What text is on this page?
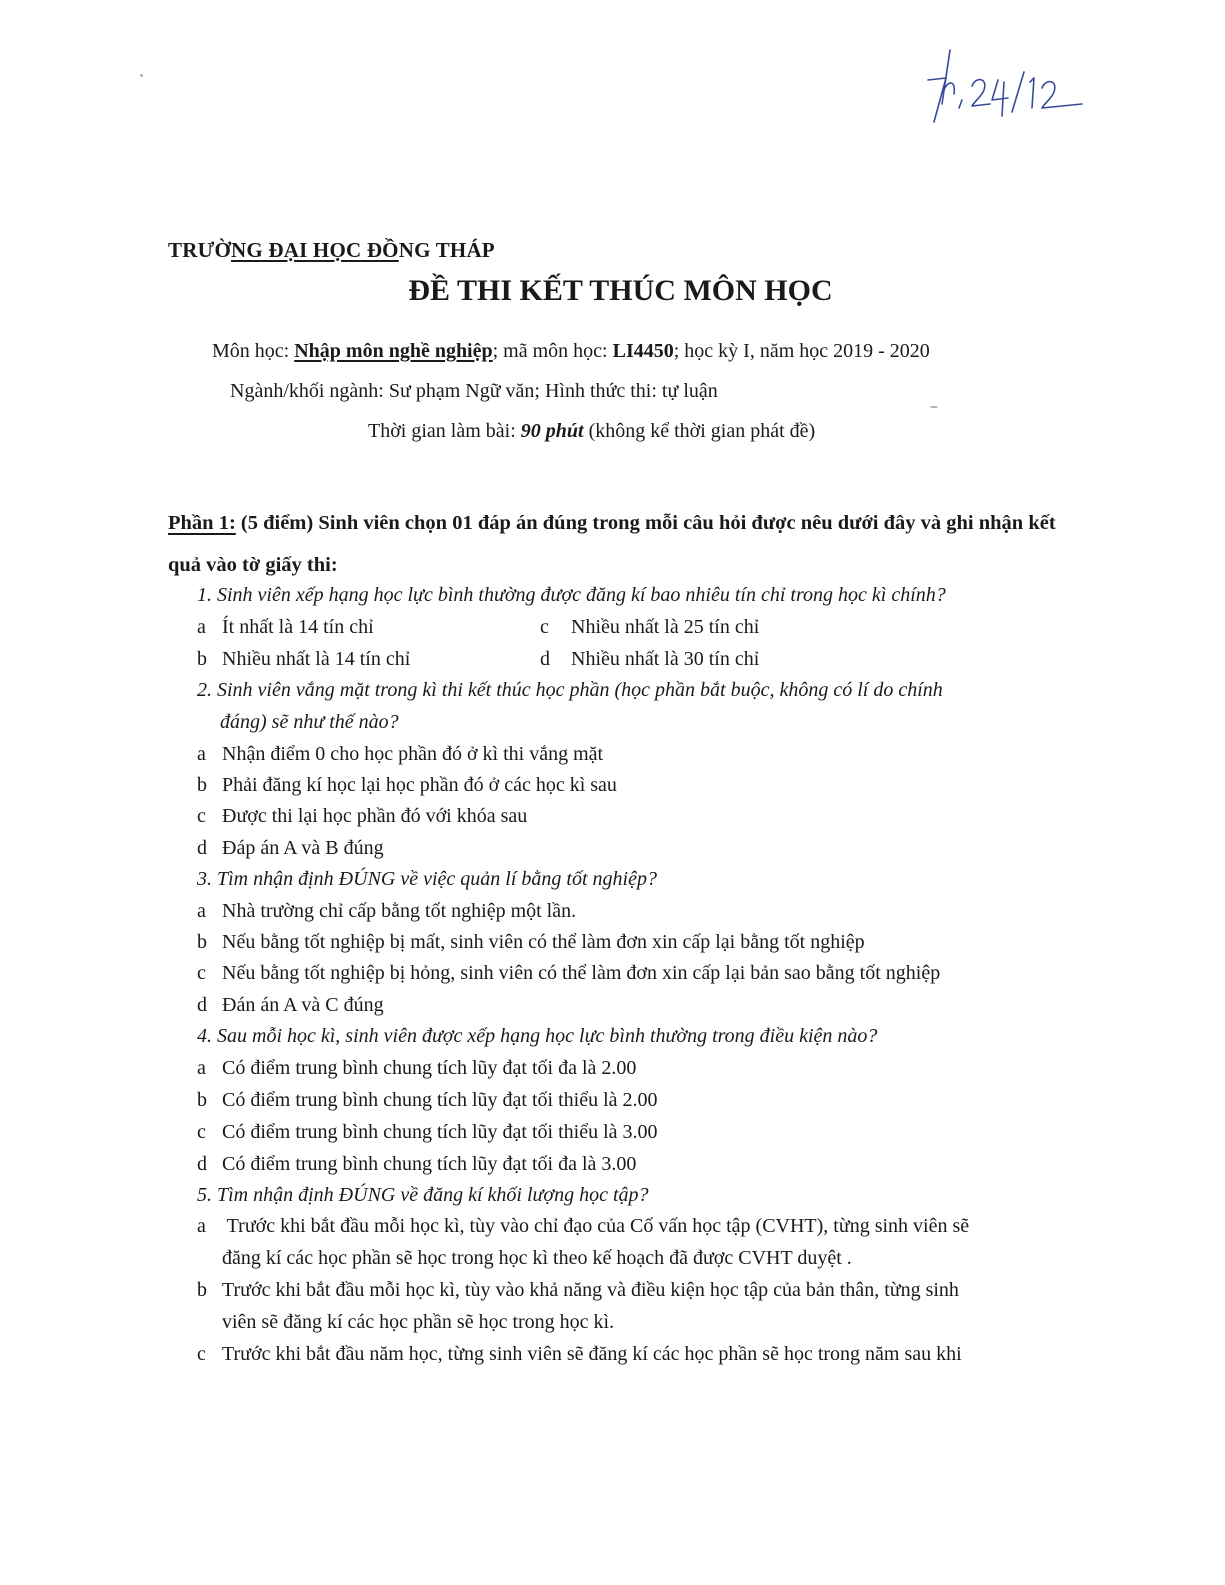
TRƯỜNG ĐẠI HỌC ĐỒNG THÁP
ĐỀ THI KẾT THÚC MÔN HỌC
Môn học: Nhập môn nghề nghiệp; mã môn học: LI4450; học kỳ I, năm học 2019 - 2020
Ngành/khối ngành: Sư phạm Ngữ văn; Hình thức thi: tự luận
Thời gian làm bài: 90 phút (không kể thời gian phát đề)
Phần 1: (5 điểm) Sinh viên chọn 01 đáp án đúng trong mỗi câu hỏi được nêu dưới đây và ghi nhận kết quả vào tờ giấy thi:
1. Sinh viên xếp hạng học lực bình thường được đăng kí bao nhiêu tín chỉ trong học kì chính?
a Ít nhất là 14 tín chỉ	c Nhiều nhất là 25 tín chỉ
b Nhiều nhất là 14 tín chỉ	d Nhiều nhất là 30 tín chỉ
2. Sinh viên vắng mặt trong kì thi kết thúc học phần (học phần bắt buộc, không có lí do chính
đáng) sẽ như thế nào?
a Nhận điểm 0 cho học phần đó ở kì thi vắng mặt
b Phải đăng kí học lại học phần đó ở các học kì sau
c Được thi lại học phần đó với khóa sau
d Đáp án A và B đúng
3. Tìm nhận định ĐÚNG về việc quản lí bằng tốt nghiệp?
a Nhà trường chỉ cấp bằng tốt nghiệp một lần.
b Nếu bằng tốt nghiệp bị mất, sinh viên có thể làm đơn xin cấp lại bằng tốt nghiệp
c Nếu bằng tốt nghiệp bị hỏng, sinh viên có thể làm đơn xin cấp lại bản sao bằng tốt nghiệp
d Đán án A và C đúng
4. Sau mỗi học kì, sinh viên được xếp hạng học lực bình thường trong điều kiện nào?
a Có điểm trung bình chung tích lũy đạt tối đa là 2.00
b Có điểm trung bình chung tích lũy đạt tối thiểu là 2.00
c Có điểm trung bình chung tích lũy đạt tối thiểu là 3.00
d Có điểm trung bình chung tích lũy đạt tối đa là 3.00
5. Tìm nhận định ĐÚNG về đăng kí khối lượng học tập?
a Trước khi bắt đầu mỗi học kì, tùy vào chỉ đạo của Cố vấn học tập (CVHT), từng sinh viên sẽ
đăng kí các học phần sẽ học trong học kì theo kế hoạch đã được CVHT duyệt .
b Trước khi bắt đầu mỗi học kì, tùy vào khả năng và điều kiện học tập của bản thân, từng sinh
viên sẽ đăng kí các học phần sẽ học trong học kì.
c Trước khi bắt đầu năm học, từng sinh viên sẽ đăng kí các học phần sẽ học trong năm sau khi
